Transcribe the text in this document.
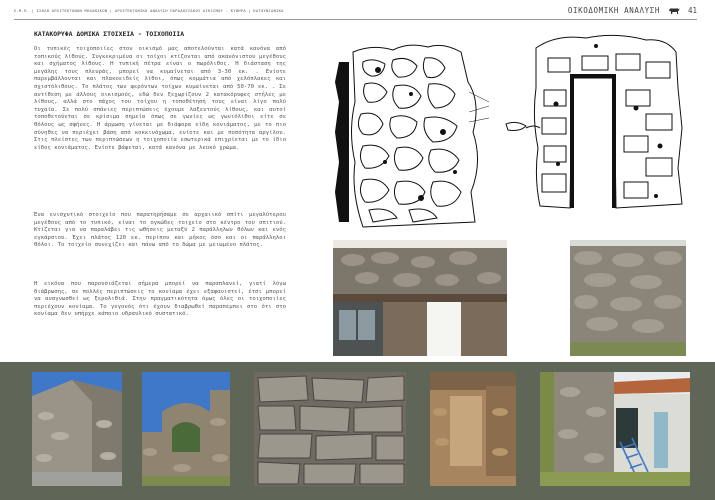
Ε.Μ.Π. | ΣΧΟΛΗ ΑΡΧΙΤΕΚΤΟΝΩΝ ΜΗΧΑΝΙΚΩΝ | ΑΡΧΙΤΕΚΤΟΝΙΚΗ ΑΝΑΛΥΣΗ ΠΑΡΑΔΟΣΙΑΚΟΥ ΟΙΚΙΣΜΟΥ - ΚΥΘΗΡΑ | ΚΑΤΟΥΝΙΑΝΙΚΑ	ΟΙΚΟΔΟΜΙΚΗ ΑΝΑΛΥΣΗ	41
ΚΑΤΑΚΟΡΥΦΑ ΔΟΜΙΚΑ ΣΤΟΙΧΕΙΑ - ΤΟΙΧΟΠΟΙΙΑ

Οι τυπικές τοιχοποιίες στον οικισμό μας αποτελούνται κατά κανόνα από τοπικούς λίθους. Συγκεκριμένα οι τοίχοι κτίζονται από ακανόνιστου μεγέθους και σχήματος λίθους. Η τυπική πέτρα είναι ο πωρόλιθος. Η διάσταση της μεγάλης τους πλευράς, μπορεί να κυμαίνεται από 3-30 εκ. . Ενίοτε παρεμβάλλονται και πλακοειδείς λίθοι, όπως κομμάτια από χελόπλακες και σχιστόλιθους. Το πλάτος των φερόντων τοίχων κυμαίνεται από 50-70 εκ. . Σε αντίθεση με άλλους οικισμούς, εδώ δεν ξεχωρίζουν 2 κατακόρυφες στήλες με λίθους, αλλά στο πάχος του τοίχου η τοποθέτησή τους είναι λίγο πολύ τυχαία. Σε πολύ σπάνιες περιπτώσεις έχουμε λαξευτούς λίθους, και αυτοί τοποθετούνται σε κρίσιμα σημεία όπως σε γωνίες ως γωνιόλιθοι είτε σε θόλους ως σφήνες. Η άρμωση γίνεται με διάφορα είδη κονιάματος, με το πιο σύνηθες να περιέχει βάση από κοκκινόχωμα, ενίοτε και με ποσότητα αργίλου. Στις πλείστες των περιπτώσεων η τοιχοποιία εσωτερικά επιχρίεται με το ίδιο είδος κονιάματος. Ενίοτε βάφεται, κατά κανόνα με λευκό χρώμα.

Ένα ενισχυτικό στοιχείο που παρατηρήσαμε σε αρχαιικό σπίτι μεγαλύτερου μεγέθους από το τυπικό, είναι το ογκώδες τοιχείο στο κέντρο του σπιτιού. Κτίζεται για να παραλάβει τις ωθήσεις μεταξύ 2 παράλληλων θόλων και ενός εγκάρσιου. Έχει πλάτος 120 εκ. περίπου και μήκος όσο και οι παράλληλοι θόλοι. Το τοιχείο συνεχίζει και πάνω από το δώμα με μειωμένο πλάτος.

Η εικόνα που παρουσιάζεται σήμερα μπορεί να παραπλανεί, γιατί λόγω διάβρωσης, σε πολλές περιπτώσεις το κονίαμα έχει εξαφανιστεί, έτσι μπορεί να αναγνωσθεί ως ξερολιθιά. Στην πραγματικότητα όμως όλες οι τοιχοποιίες περιέχουν κονίαμα. Το γεγονός ότι έχουν διαβρωθεί παραπέμπει στο ότι στο κονίαμα δεν υπήρχε κάποιο υδραυλικό συστατικό.
